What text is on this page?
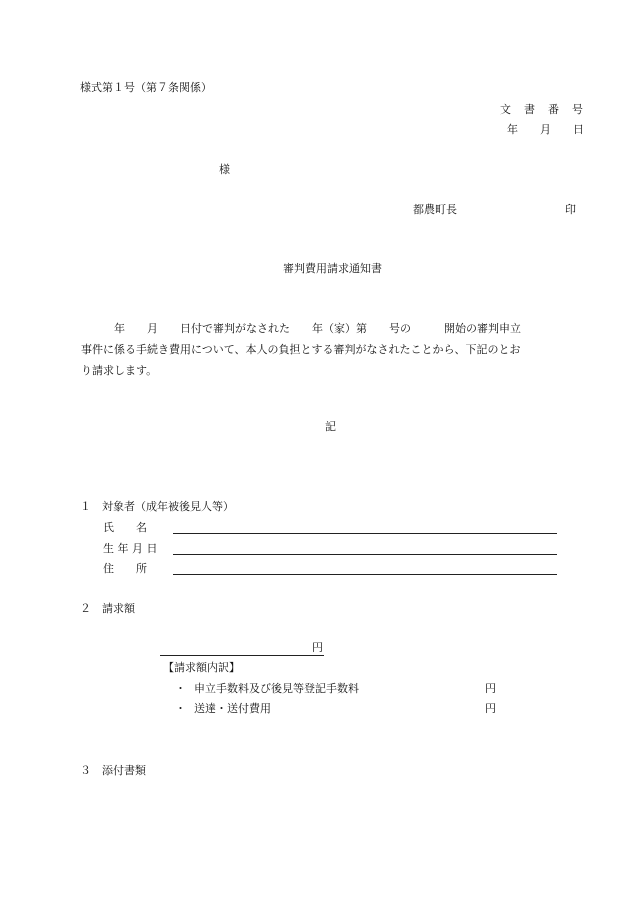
様式第１号（第７条関係）
文　書　番　号
年　　月　　日
様
都農町長	印
審判費用請求通知書
　　　年　　月　　日付で審判がなされた　　年（家）第　　号の　　　開始の審判申立
事件に係る手続き費用について、本人の負担とする審判がなされたことから、下記のとお
り請求します。
記
１　対象者（成年被後見人等）
氏　　名
生 年 月 日
住　　所
２　請求額
円
【請求額内訳】
・ 申立手数料及び後見等登記手数料	円
・ 送達・送付費用	円
３　添付書類
